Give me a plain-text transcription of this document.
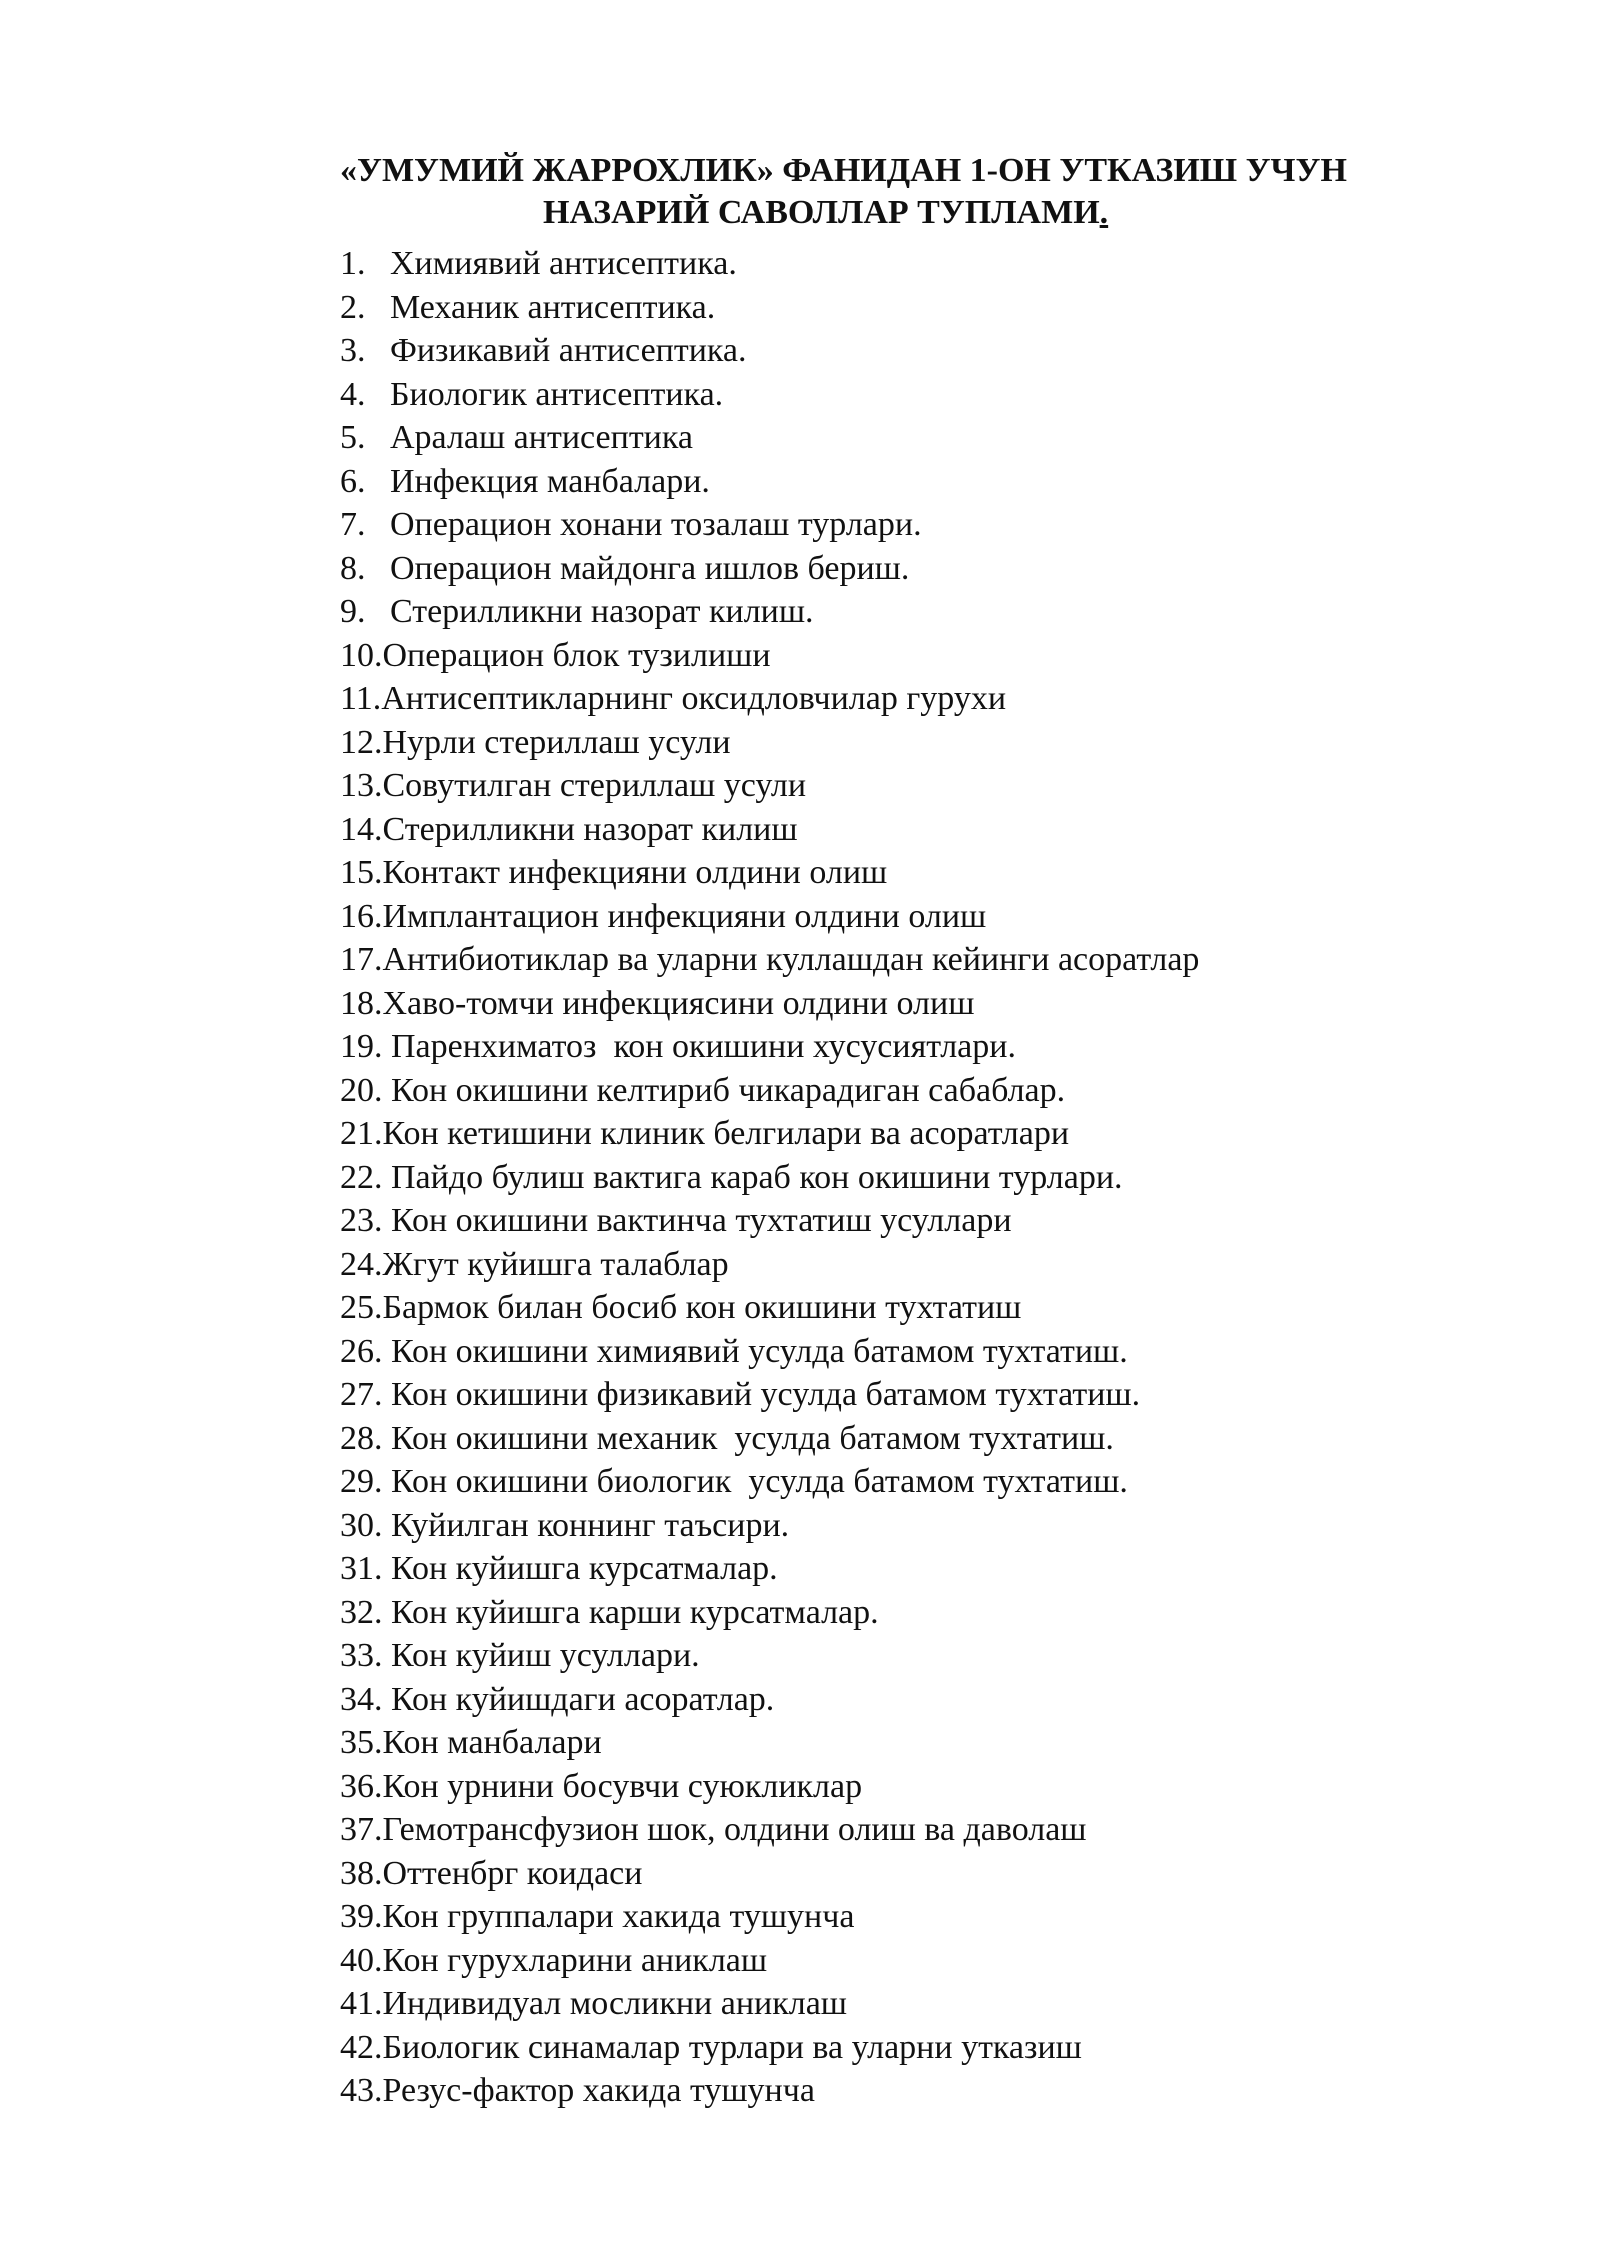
«УМУМИЙ ЖАРРОХЛИК» ФАНИДАН 1-ОН УТКАЗИШ УЧУН
НАЗАРИЙ САВОЛЛАР ТУПЛАМИ.
1. Химиявий антисептика.
2. Механик антисептика.
3. Физикавий антисептика.
4. Биологик антисептика.
5. Аралаш антисептика
6. Инфекция манбалари.
7. Операцион хонани тозалаш турлари.
8. Операцион майдонга ишлов бериш.
9. Стерилликни назорат килиш.
10.Операцион блок тузилиши
11.Антисептикларнинг оксидловчилар гурухи
12.Нурли стериллаш усули
13.Совутилган стериллаш усули
14.Стерилликни назорат килиш
15.Контакт инфекцияни олдини олиш
16.Имплантацион инфекцияни олдини олиш
17.Антибиотиклар ва уларни куллашдан кейинги асоратлар
18.Хаво-томчи инфекциясини олдини олиш
19. Паренхиматоз  кон окишини хусусиятлари.
20. Кон окишини келтириб чикарадиган сабаблар.
21.Кон кетишини клиник белгилари ва асоратлари
22. Пайдо булиш вактига караб кон окишини турлари.
23. Кон окишини вактинча тухтатиш усуллари
24.Жгут куйишга талаблар
25.Бармок билан босиб кон окишини тухтатиш
26. Кон окишини химиявий усулда батамом тухтатиш.
27. Кон окишини физикавий усулда батамом тухтатиш.
28. Кон окишини механик  усулда батамом тухтатиш.
29. Кон окишини биологик  усулда батамом тухтатиш.
30. Куйилган коннинг таъсири.
31. Кон куйишга курсатмалар.
32. Кон куйишга карши курсатмалар.
33. Кон куйиш усуллари.
34. Кон куйишдаги асоратлар.
35.Кон манбалари
36.Кон урнини босувчи суюкликлар
37.Гемотрансфузион шок, олдини олиш ва даволаш
38.Оттенбрг коидаси
39.Кон группалари хакида тушунча
40.Кон гурухларини аниклаш
41.Индивидуал мосликни аниклаш
42.Биологик синамалар турлари ва уларни утказиш
43.Резус-фактор хакида тушунча
